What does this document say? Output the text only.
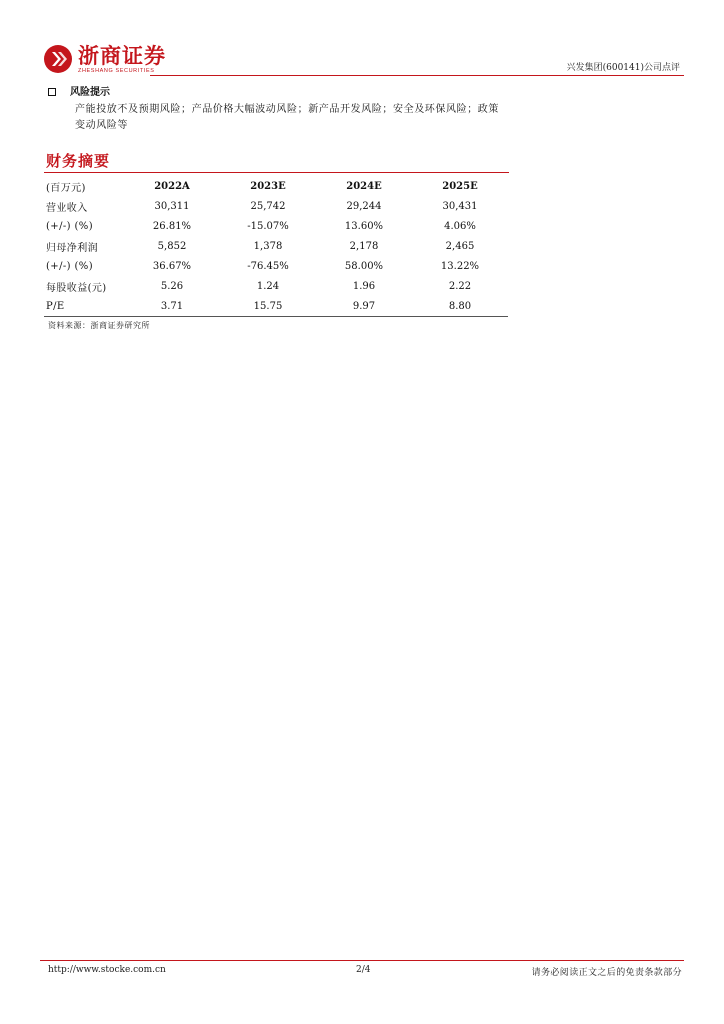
浙商证券
ZHESHANG SECURITIES	兴发集团(600141)公司点评
风险提示
产能投放不及预期风险；产品价格大幅波动风险；新产品开发风险；安全及环保风险；政策变动风险等
财务摘要
(百万元)	2022A	2023E	2024E	2025E
营业收入	30,311	25,742	29,244	30,431
(+/-) (%)	26.81%	-15.07%	13.60%	4.06%
归母净利润	5,852	1,378	2,178	2,465
(+/-) (%)	36.67%	-76.45%	58.00%	13.22%
每股收益(元)	5.26	1.24	1.96	2.22
P/E	3.71	15.75	9.97	8.80
资料来源：浙商证券研究所
http://www.stocke.com.cn	2/4	请务必阅读正文之后的免责条款部分
